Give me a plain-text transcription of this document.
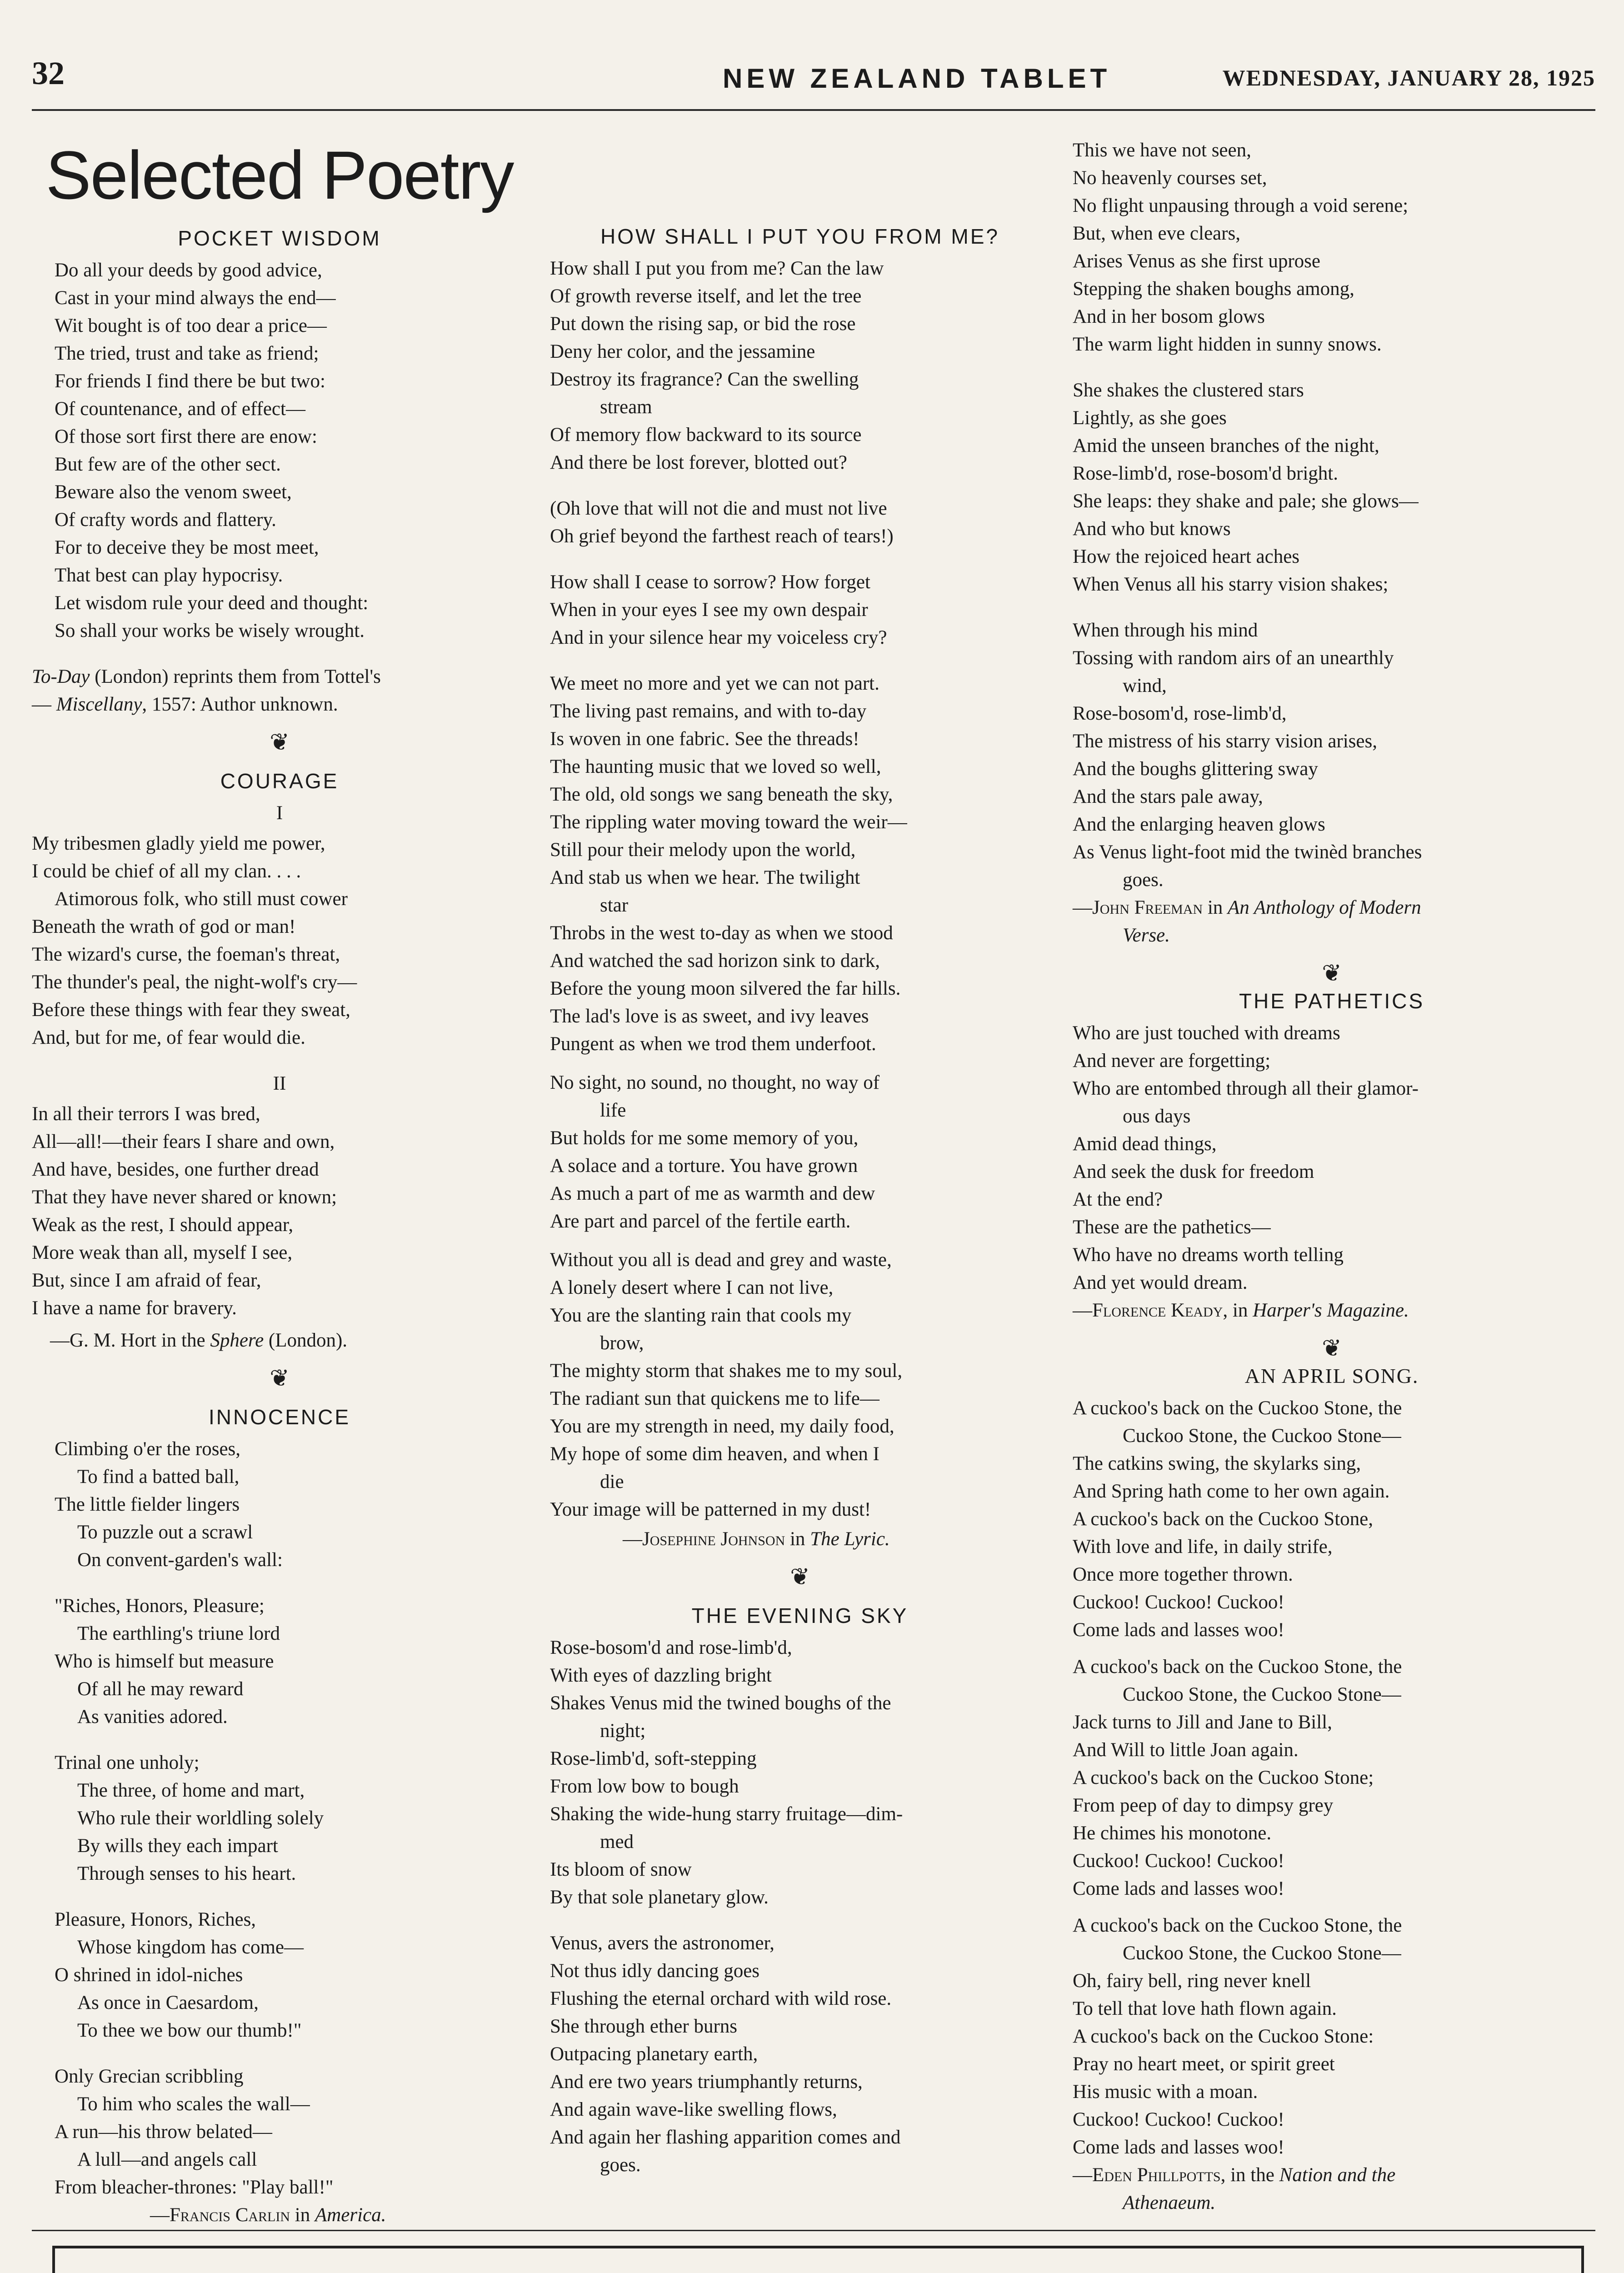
32	NEW ZEALAND TABLET	WEDNESDAY, JANUARY 28, 1925
Selected Poetry
POCKET WISDOM
Do all your deeds by good advice,
Cast in your mind always the end—
Wit bought is of too dear a price—
The tried, trust and take as friend;
For friends I find there be but two:
Of countenance, and of effect—
Of those sort first there are enow:
But few are of the other sect.
Beware also the venom sweet,
Of crafty words and flattery.
For to deceive they be most meet,
That best can play hypocrisy.
Let wisdom rule your deed and thought:
So shall your works be wisely wrought.
To-Day (London) reprints them from Tottel's
— Miscellany, 1557: Author unknown.
❦
COURAGE
I
My tribesmen gladly yield me power,
I could be chief of all my clan. . . .
Atimorous folk, who still must cower
Beneath the wrath of god or man!
The wizard's curse, the foeman's threat,
The thunder's peal, the night-wolf's cry—
Before these things with fear they sweat,
And, but for me, of fear would die.
II
In all their terrors I was bred,
All—all!—their fears I share and own,
And have, besides, one further dread
That they have never shared or known;
Weak as the rest, I should appear,
More weak than all, myself I see,
But, since I am afraid of fear,
I have a name for bravery.
—G. M. Hort in the Sphere (London).
❦
INNOCENCE
Climbing o'er the roses,
To find a batted ball,
The little fielder lingers
To puzzle out a scrawl
On convent-garden's wall:
"Riches, Honors, Pleasure;
The earthling's triune lord
Who is himself but measure
Of all he may reward
As vanities adored.
Trinal one unholy;
The three, of home and mart,
Who rule their worldling solely
By wills they each impart
Through senses to his heart.
Pleasure, Honors, Riches,
Whose kingdom has come—
O shrined in idol-niches
As once in Caesardom,
To thee we bow our thumb!"
Only Grecian scribbling
To him who scales the wall—
A run—his throw belated—
A lull—and angels call
From bleacher-thrones: "Play ball!"
—Francis Carlin in America.
HOW SHALL I PUT YOU FROM ME?
How shall I put you from me? Can the law
Of growth reverse itself, and let the tree
Put down the rising sap, or bid the rose
Deny her color, and the jessamine
Destroy its fragrance? Can the swelling
stream
Of memory flow backward to its source
And there be lost forever, blotted out?
(Oh love that will not die and must not live
Oh grief beyond the farthest reach of tears!)
How shall I cease to sorrow? How forget
When in your eyes I see my own despair
And in your silence hear my voiceless cry?
We meet no more and yet we can not part.
The living past remains, and with to-day
Is woven in one fabric. See the threads!
The haunting music that we loved so well,
The old, old songs we sang beneath the sky,
The rippling water moving toward the weir—
Still pour their melody upon the world,
And stab us when we hear. The twilight
star
Throbs in the west to-day as when we stood
And watched the sad horizon sink to dark,
Before the young moon silvered the far hills.
The lad's love is as sweet, and ivy leaves
Pungent as when we trod them underfoot.
No sight, no sound, no thought, no way of
life
But holds for me some memory of you,
A solace and a torture. You have grown
As much a part of me as warmth and dew
Are part and parcel of the fertile earth.
Without you all is dead and grey and waste,
A lonely desert where I can not live,
You are the slanting rain that cools my
brow,
The mighty storm that shakes me to my soul,
The radiant sun that quickens me to life—
You are my strength in need, my daily food,
My hope of some dim heaven, and when I
die
Your image will be patterned in my dust!
—Josephine Johnson in The Lyric.
❦
THE EVENING SKY
Rose-bosom'd and rose-limb'd,
With eyes of dazzling bright
Shakes Venus mid the twined boughs of the
night;
Rose-limb'd, soft-stepping
From low bow to bough
Shaking the wide-hung starry fruitage—dim-
med
Its bloom of snow
By that sole planetary glow.
Venus, avers the astronomer,
Not thus idly dancing goes
Flushing the eternal orchard with wild rose.
She through ether burns
Outpacing planetary earth,
And ere two years triumphantly returns,
And again wave-like swelling flows,
And again her flashing apparition comes and
goes.
This we have not seen,
No heavenly courses set,
No flight unpausing through a void serene;
But, when eve clears,
Arises Venus as she first uprose
Stepping the shaken boughs among,
And in her bosom glows
The warm light hidden in sunny snows.
She shakes the clustered stars
Lightly, as she goes
Amid the unseen branches of the night,
Rose-limb'd, rose-bosom'd bright.
She leaps: they shake and pale; she glows—
And who but knows
How the rejoiced heart aches
When Venus all his starry vision shakes;
When through his mind
Tossing with random airs of an unearthly
wind,
Rose-bosom'd, rose-limb'd,
The mistress of his starry vision arises,
And the boughs glittering sway
And the stars pale away,
And the enlarging heaven glows
As Venus light-foot mid the twinèd branches
goes.
—John Freeman in An Anthology of Modern
Verse.
❦
THE PATHETICS
Who are just touched with dreams
And never are forgetting;
Who are entombed through all their glamor-
ous days
Amid dead things,
And seek the dusk for freedom
At the end?
These are the pathetics—
Who have no dreams worth telling
And yet would dream.
—Florence Keady, in Harper's Magazine.
❦
AN APRIL SONG.
A cuckoo's back on the Cuckoo Stone, the
Cuckoo Stone, the Cuckoo Stone—
The catkins swing, the skylarks sing,
And Spring hath come to her own again.
A cuckoo's back on the Cuckoo Stone,
With love and life, in daily strife,
Once more together thrown.
Cuckoo! Cuckoo! Cuckoo!
Come lads and lasses woo!
A cuckoo's back on the Cuckoo Stone, the
Cuckoo Stone, the Cuckoo Stone—
Jack turns to Jill and Jane to Bill,
And Will to little Joan again.
A cuckoo's back on the Cuckoo Stone;
From peep of day to dimpsy grey
He chimes his monotone.
Cuckoo! Cuckoo! Cuckoo!
Come lads and lasses woo!
A cuckoo's back on the Cuckoo Stone, the
Cuckoo Stone, the Cuckoo Stone—
Oh, fairy bell, ring never knell
To tell that love hath flown again.
A cuckoo's back on the Cuckoo Stone:
Pray no heart meet, or spirit greet
His music with a moan.
Cuckoo! Cuckoo! Cuckoo!
Come lads and lasses woo!
—Eden Phillpotts, in the Nation and the
Athenaeum.
